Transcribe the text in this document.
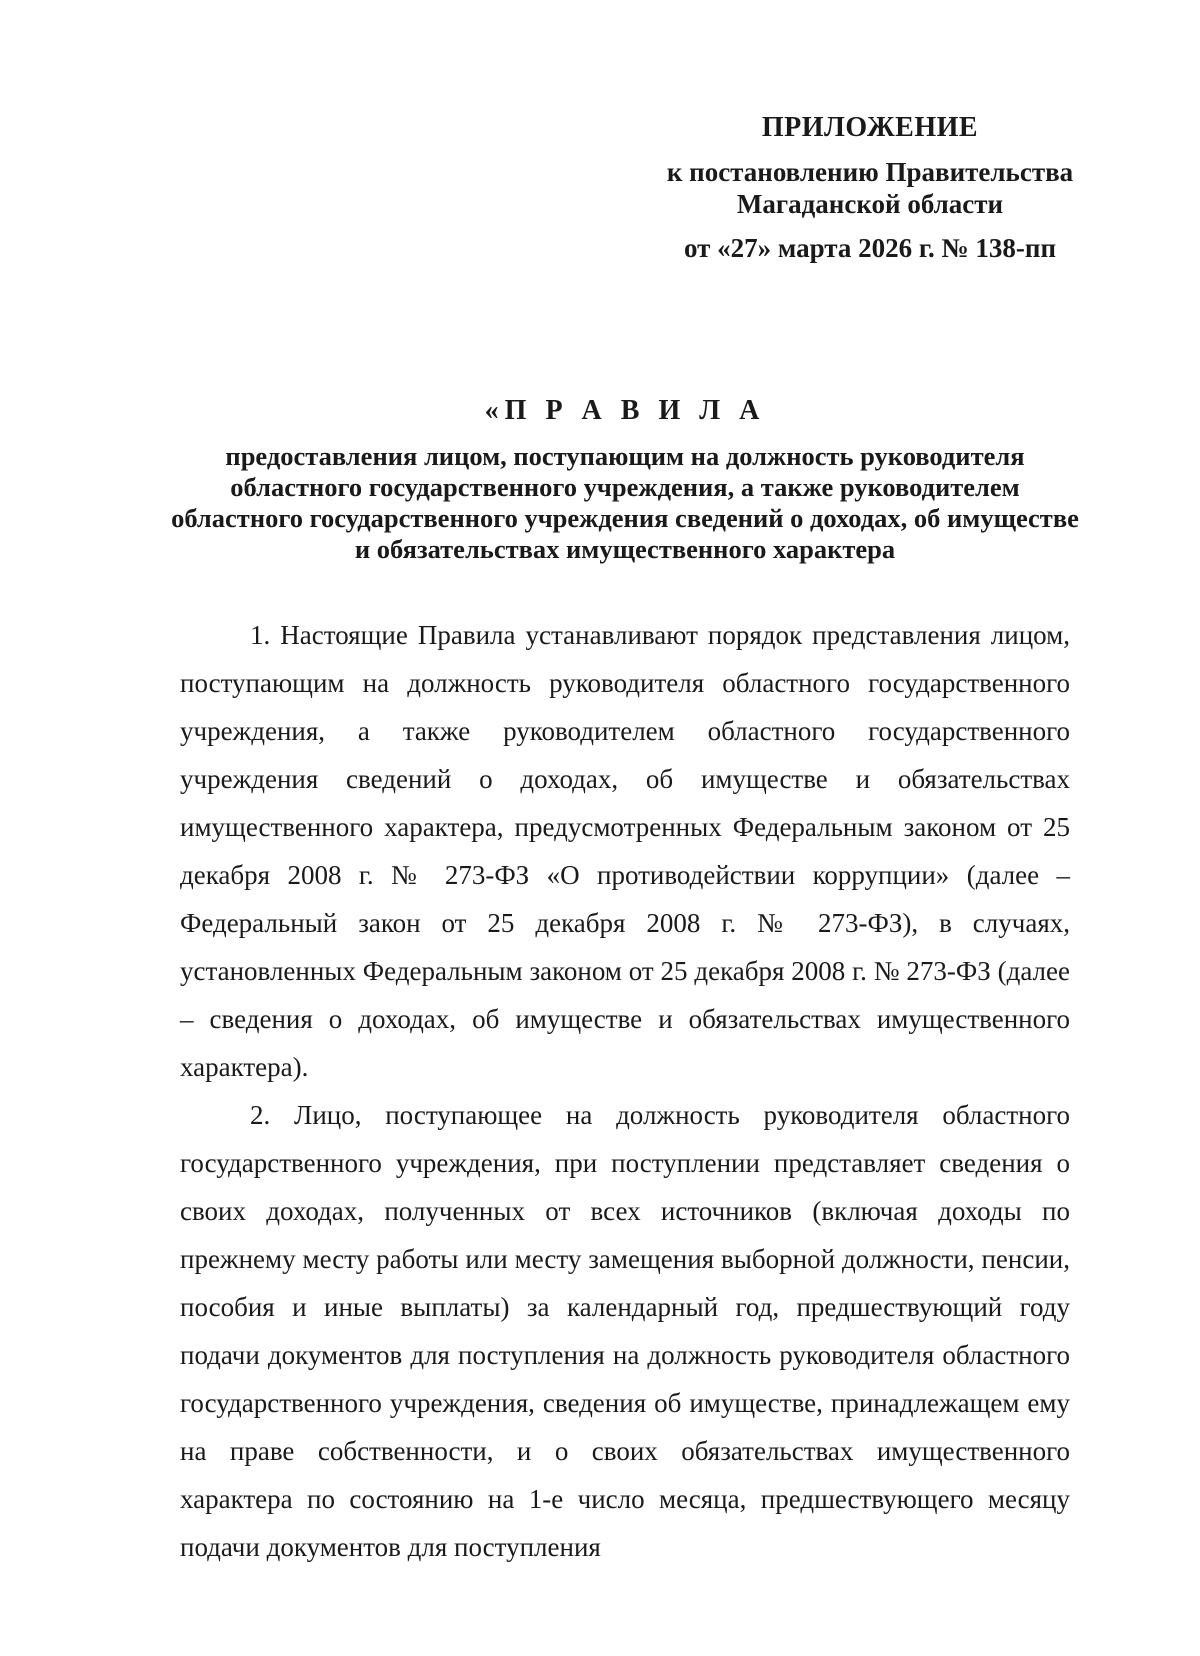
ПРИЛОЖЕНИЕ

к постановлению Правительства

Магаданской области

от «27» марта 2026 г. № 138-пп

«П Р А В И Л А

предоставления лицом, поступающим на должность руководителя областного государственного учреждения, а также руководителем областного государственного учреждения сведений о доходах, об имуществе и обязательствах имущественного характера

1. Настоящие Правила устанавливают порядок представления лицом, поступающим на должность руководителя областного государственного учреждения, а также руководителем областного государственного учреждения сведений о доходах, об имуществе и обязательствах имущественного характера, предусмотренных Федеральным законом от 25 декабря 2008 г. № 273-ФЗ «О противодействии коррупции» (далее – Федеральный закон от 25 декабря 2008 г. № 273-ФЗ), в случаях, установленных Федеральным законом от 25 декабря 2008 г. № 273-ФЗ (далее – сведения о доходах, об имуществе и обязательствах имущественного характера).

2. Лицо, поступающее на должность руководителя областного государственного учреждения, при поступлении представляет сведения о своих доходах, полученных от всех источников (включая доходы по прежнему месту работы или месту замещения выборной должности, пенсии, пособия и иные выплаты) за календарный год, предшествующий году подачи документов для поступления на должность руководителя областного государственного учреждения, сведения об имуществе, принадлежащем ему на праве собственности, и о своих обязательствах имущественного характера по состоянию на 1-е число месяца, предшествующего месяцу подачи документов для поступления
